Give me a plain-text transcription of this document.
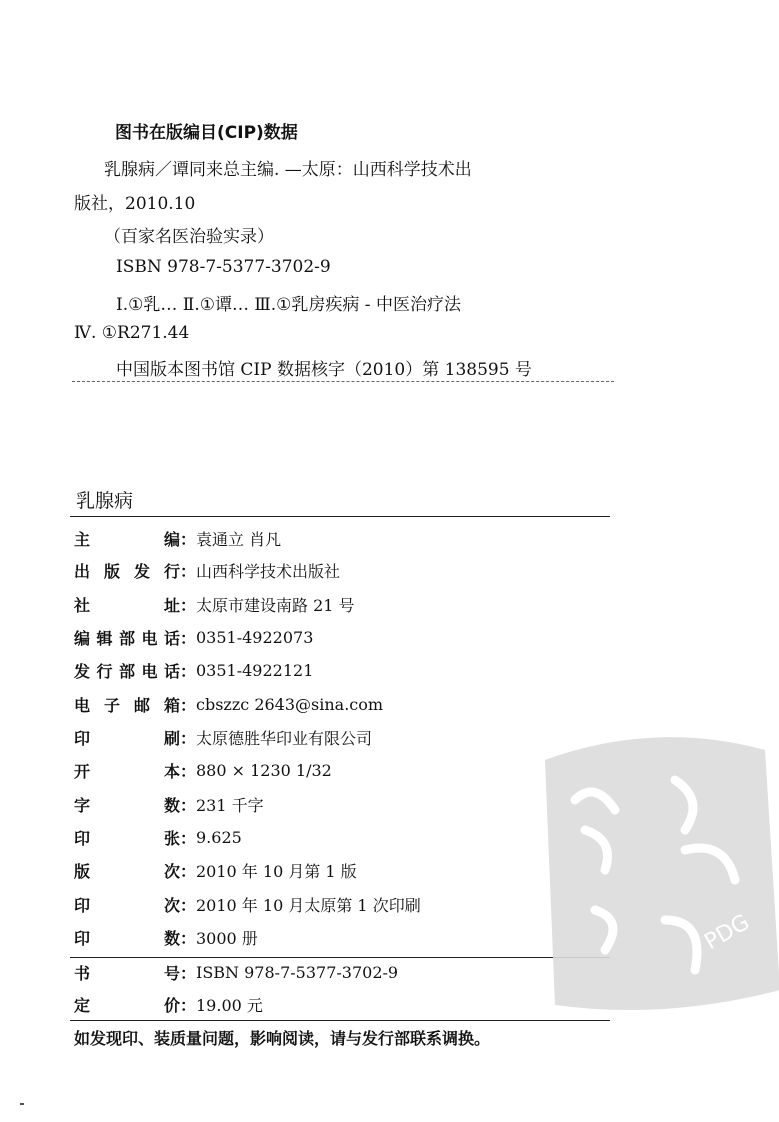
图书在版编目(CIP)数据
乳腺病／谭同来总主编. —太原：山西科学技术出
版社，2010.10
（百家名医治验实录）
ISBN 978-7-5377-3702-9
Ⅰ.①乳… Ⅱ.①谭… Ⅲ.①乳房疾病 - 中医治疗法
Ⅳ. ①R271.44
中国版本图书馆 CIP 数据核字（2010）第 138595 号
乳腺病
主	编 ： 袁通立 肖凡
出 版 发 行 ： 山西科学技术出版社
社	址 ： 太原市建设南路 21 号
编 辑 部 电 话 ： 0351-4922073
发 行 部 电 话 ： 0351-4922121
电 子 邮 箱 ： cbszzc 2643@sina.com
印	刷 ： 太原德胜华印业有限公司
开	本 ： 880 × 1230 1/32
字	数 ： 231 千字
印	张 ： 9.625
版	次 ： 2010 年 10 月第 1 版
印	次 ： 2010 年 10 月太原第 1 次印刷
印	数 ： 3000 册
书	号 ： ISBN 978-7-5377-3702-9
定	价 ： 19.00 元
如发现印、装质量问题，影响阅读，请与发行部联系调换。
PDG
